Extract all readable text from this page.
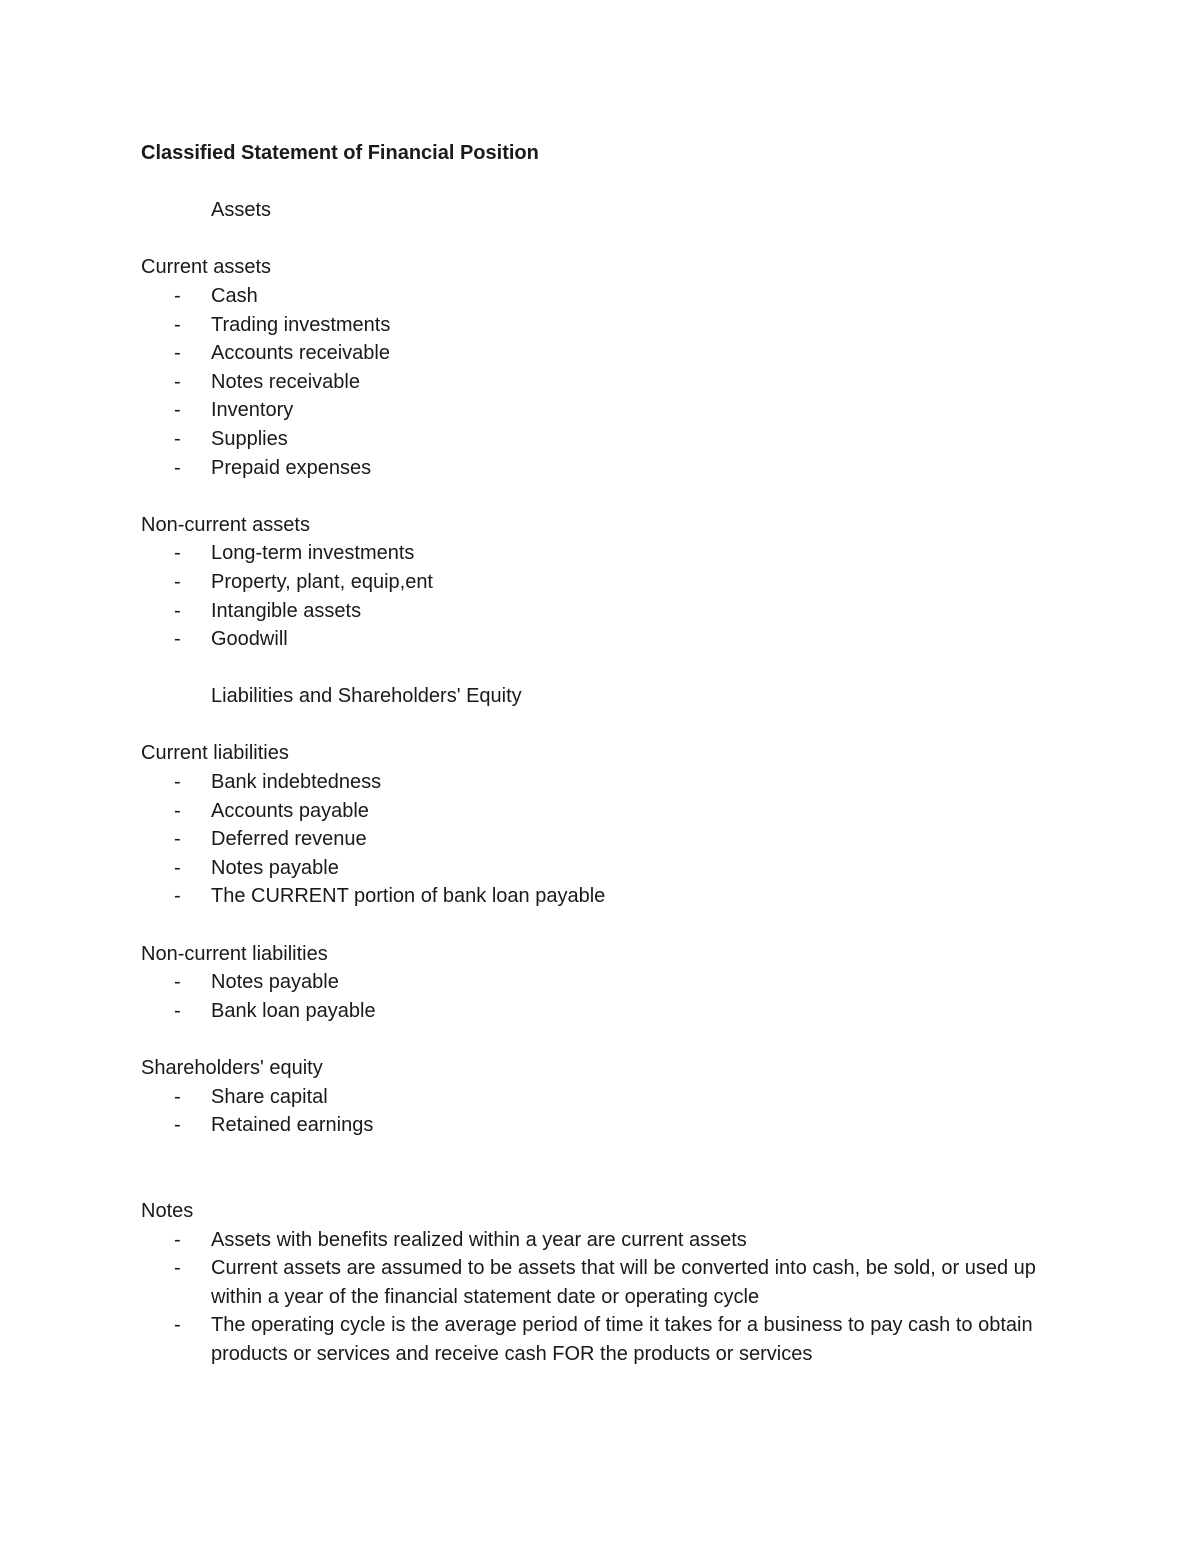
Classified Statement of Financial Position
Assets
Current assets
- Cash
- Trading investments
- Accounts receivable
- Notes receivable
- Inventory
- Supplies
- Prepaid expenses
Non-current assets
- Long-term investments
- Property, plant, equip,ent
- Intangible assets
- Goodwill
Liabilities and Shareholders' Equity
Current liabilities
- Bank indebtedness
- Accounts payable
- Deferred revenue
- Notes payable
- The CURRENT portion of bank loan payable
Non-current liabilities
- Notes payable
- Bank loan payable
Shareholders' equity
- Share capital
- Retained earnings
Notes
- Assets with benefits realized within a year are current assets
- Current assets are assumed to be assets that will be converted into cash, be sold, or used up within a year of the financial statement date or operating cycle
- The operating cycle is the average period of time it takes for a business to pay cash to obtain products or services and receive cash FOR the products or services
